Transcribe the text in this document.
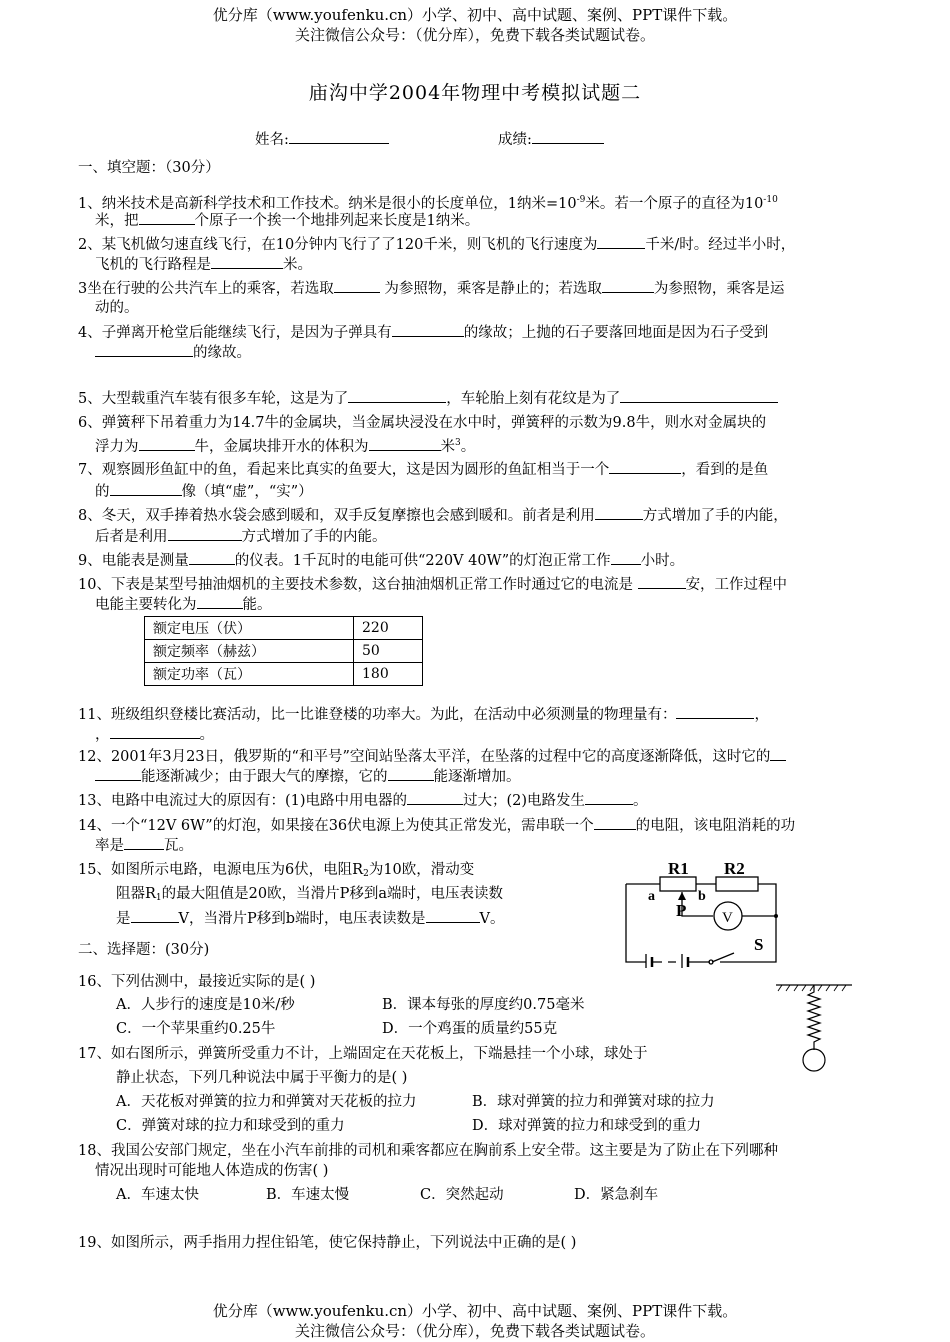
优分库（www.youfenku.cn）小学、初中、高中试题、案例、PPT课件下载。
关注微信公众号：（优分库），免费下载各类试题试卷。
庙沟中学2004年物理中考模拟试题二
姓名:	成绩:
一、填空题：（30分）
1、纳米技术是高新科学技术和工作技术。纳米是很小的长度单位，1纳米$=10^{-9}$米。若一个原子的直径为$10^{-10}$
米，把	个原子一个挨一个地排列起来长度是1纳米。
2、某飞机做匀速直线飞行，在10分钟内飞行了了120千米，则飞机的飞行速度为	千米/时。经过半小时，
飞机的飞行路程是	米。
3坐在行驶的公共汽车上的乘客，若选取	为参照物，乘客是静止的；若选取	为参照物，乘客是运
动的。
4、子弹离开枪堂后能继续飞行，是因为子弹具有	的缘故；上抛的石子要落回地面是因为石子受到
的缘故。
5、大型载重汽车装有很多车轮，这是为了	，车轮胎上刻有花纹是为了
6、弹簧秤下吊着重力为14.7牛的金属块，当金属块浸没在水中时，弹簧秤的示数为9.8牛，则水对金属块的
浮力为	牛，金属块排开水的体积为	米$^3$。
7、观察圆形鱼缸中的鱼，看起来比真实的鱼要大，这是因为圆形的鱼缸相当于一个	，看到的是鱼
的	像（填“虚”，“实”）
8、冬天，双手捧着热水袋会感到暖和，双手反复摩擦也会感到暖和。前者是利用	方式增加了手的内能，
后者是利用	方式增加了手的内能。
9、电能表是测量	的仪表。1千瓦时的电能可供“220V 40W”的灯泡正常工作 小时。
10、下表是某型号抽油烟机的主要技术参数，这台抽油烟机正常工作时通过它的电流是	安，工作过程中
电能主要转化为	能。
额定电压（伏）	220
额定频率（赫兹）	50
额定功率（瓦）	180
11、班级组织登楼比赛活动，比一比谁登楼的功率大。为此，在活动中必须测量的物理量有：	，
，	。
12、2001年3月23日，俄罗斯的“和平号”空间站坠落太平洋，在坠落的过程中它的高度逐渐降低，这时它的
能逐渐减少；由于跟大气的摩擦，它的	能逐渐增加。
13、电路中电流过大的原因有：(1)电路中用电器的	过大；(2)电路发生	。
14、一个“12V 6W”的灯泡，如果接在36伏电源上为使其正常发光，需串联一个	的电阻，该电阻消耗的功
率是	瓦。
15、如图所示电路，电源电压为6伏，电阻$R_2$为10欧，滑动变
阻器$R_1$的最大阻值是20欧，当滑片P移到a端时，电压表读数
是	V，当滑片P移到b端时，电压表读数是	V。
R1 R2
a	b
P V
S
二、选择题：(30分)
16、下列估测中，最接近实际的是( )
A．人步行的速度是10米/秒	B．课本每张的厚度约0.75毫米
C．一个苹果重约0.25牛	D．一个鸡蛋的质量约55克
17、如右图所示，弹簧所受重力不计，上端固定在天花板上，下端悬挂一个小球，球处于
静止状态，下列几种说法中属于平衡力的是( )
A．天花板对弹簧的拉力和弹簧对天花板的拉力	B．球对弹簧的拉力和弹簧对球的拉力
C．弹簧对球的拉力和球受到的重力	D．球对弹簧的拉力和球受到的重力
18、我国公安部门规定，坐在小汽车前排的司机和乘客都应在胸前系上安全带。这主要是为了防止在下列哪种
情况出现时可能地人体造成的伤害( )
A．车速太快	B．车速太慢	C．突然起动	D．紧急刹车
19、如图所示，两手指用力捏住铅笔，使它保持静止，下列说法中正确的是( )
优分库（www.youfenku.cn）小学、初中、高中试题、案例、PPT课件下载。
关注微信公众号：（优分库），免费下载各类试题试卷。
